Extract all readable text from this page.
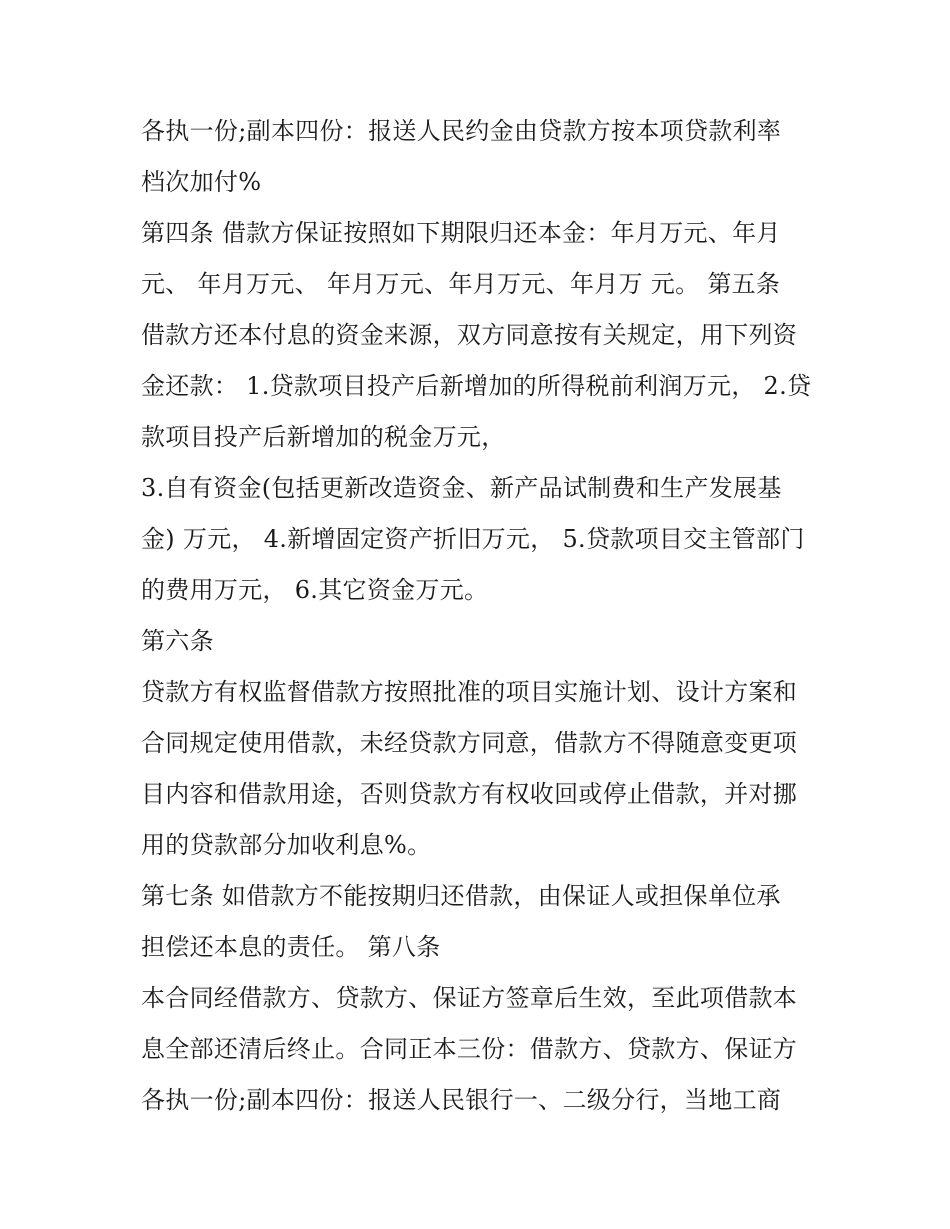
各执一份;副本四份：报送人民约金由贷款方按本项贷款利率
档次加付%
第四条 借款方保证按照如下期限归还本金：年月万元、年月
元、 年月万元、 年月万元、年月万元、年月万 元。 第五条
借款方还本付息的资金来源，双方同意按有关规定，用下列资
金还款： 1.贷款项目投产后新增加的所得税前利润万元， 2.贷
款项目投产后新增加的税金万元，
3.自有资金(包括更新改造资金、新产品试制费和生产发展基
金) 万元， 4.新增固定资产折旧万元， 5.贷款项目交主管部门
的费用万元， 6.其它资金万元。
第六条
贷款方有权监督借款方按照批准的项目实施计划、设计方案和
合同规定使用借款，未经贷款方同意，借款方不得随意变更项
目内容和借款用途，否则贷款方有权收回或停止借款，并对挪
用的贷款部分加收利息%。
第七条 如借款方不能按期归还借款，由保证人或担保单位承
担偿还本息的责任。 第八条
本合同经借款方、贷款方、保证方签章后生效，至此项借款本
息全部还清后终止。合同正本三份：借款方、贷款方、保证方
各执一份;副本四份：报送人民银行一、二级分行，当地工商
